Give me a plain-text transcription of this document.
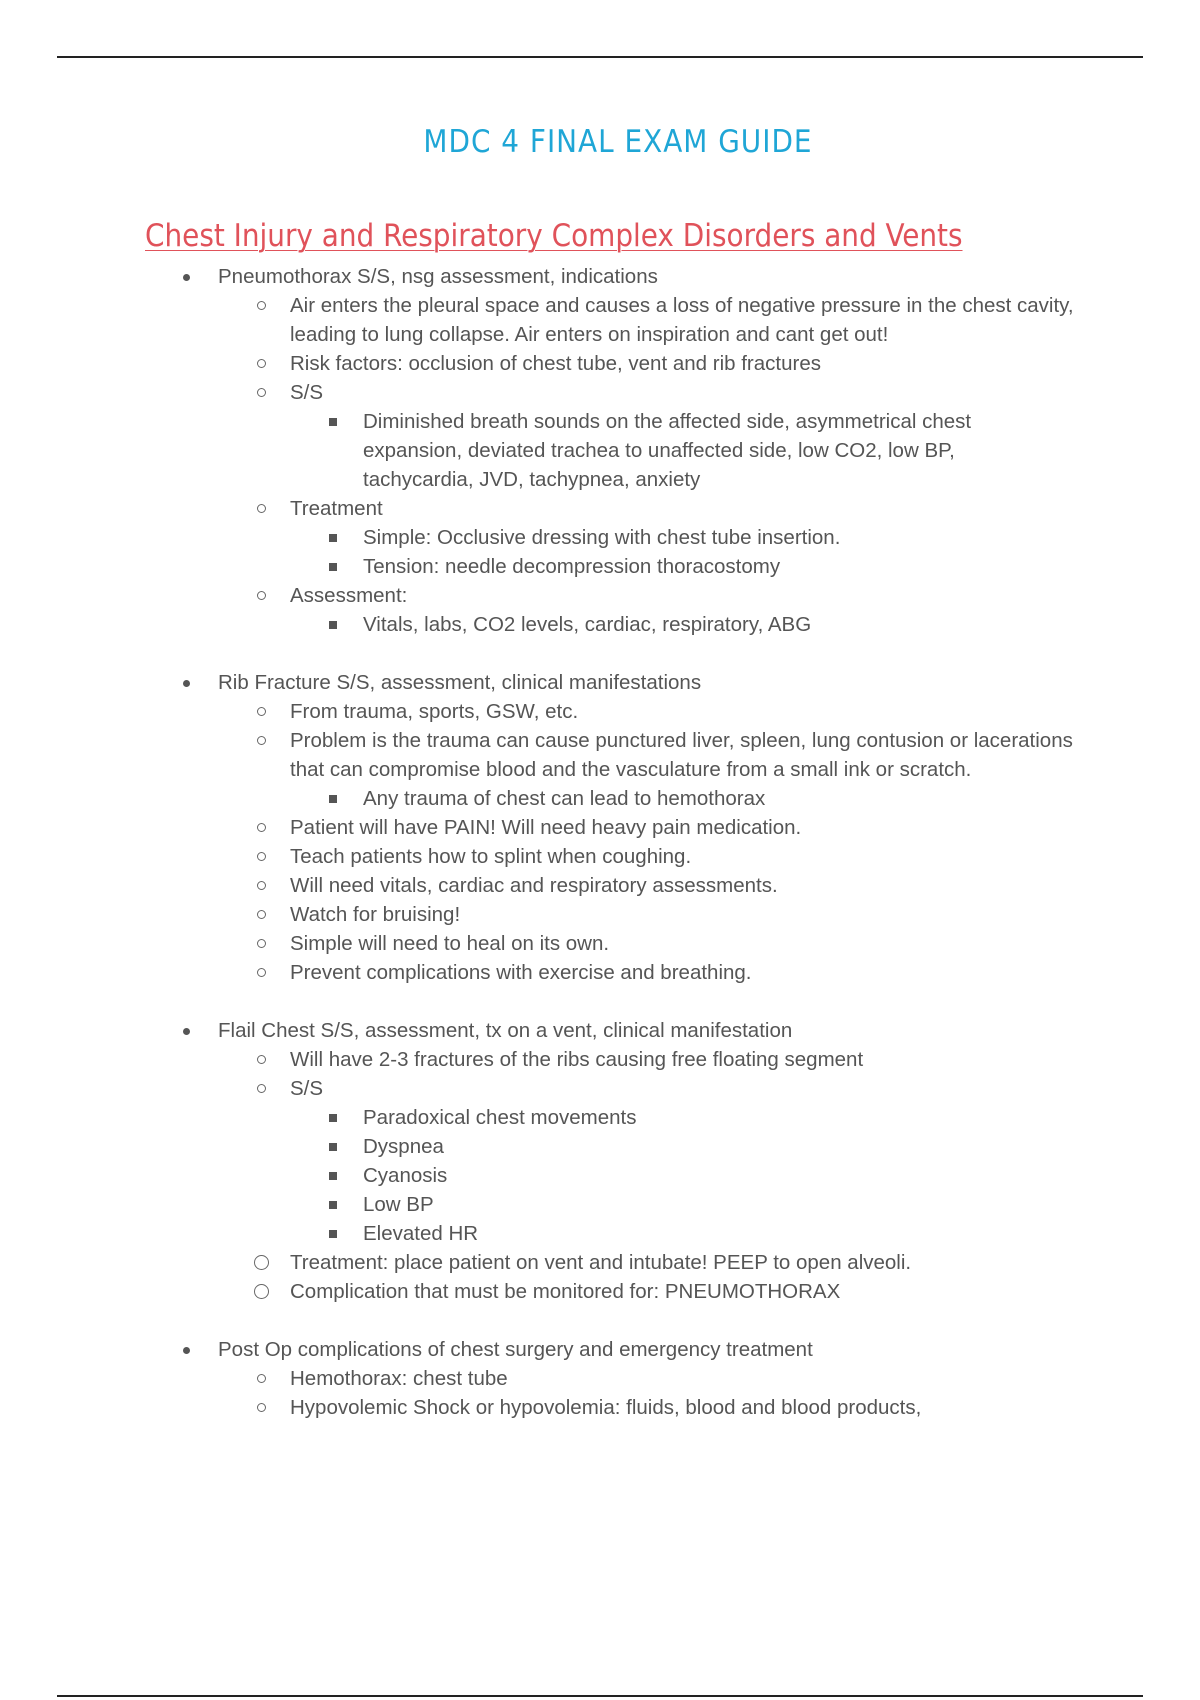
MDC 4 FINAL EXAM GUIDE
Chest Injury and Respiratory Complex Disorders and Vents
Pneumothorax S/S, nsg assessment, indications
Air enters the pleural space and causes a loss of negative pressure in the chest cavity, leading to lung collapse. Air enters on inspiration and cant get out!
Risk factors: occlusion of chest tube, vent and rib fractures
S/S
Diminished breath sounds on the affected side, asymmetrical chest expansion, deviated trachea to unaffected side, low CO2, low BP, tachycardia, JVD, tachypnea, anxiety
Treatment
Simple: Occlusive dressing with chest tube insertion.
Tension: needle decompression thoracostomy
Assessment:
Vitals, labs, CO2 levels, cardiac, respiratory, ABG
Rib Fracture S/S, assessment, clinical manifestations
From trauma, sports, GSW, etc.
Problem is the trauma can cause punctured liver, spleen, lung contusion or lacerations that can compromise blood and the vasculature from a small ink or scratch.
Any trauma of chest can lead to hemothorax
Patient will have PAIN! Will need heavy pain medication.
Teach patients how to splint when coughing.
Will need vitals, cardiac and respiratory assessments.
Watch for bruising!
Simple will need to heal on its own.
Prevent complications with exercise and breathing.
Flail Chest S/S, assessment, tx on a vent, clinical manifestation
Will have 2-3 fractures of the ribs causing free floating segment
S/S
Paradoxical chest movements
Dyspnea
Cyanosis
Low BP
Elevated HR
Treatment: place patient on vent and intubate! PEEP to open alveoli.
Complication that must be monitored for: PNEUMOTHORAX
Post Op complications of chest surgery and emergency treatment
Hemothorax: chest tube
Hypovolemic Shock or hypovolemia: fluids, blood and blood products,
